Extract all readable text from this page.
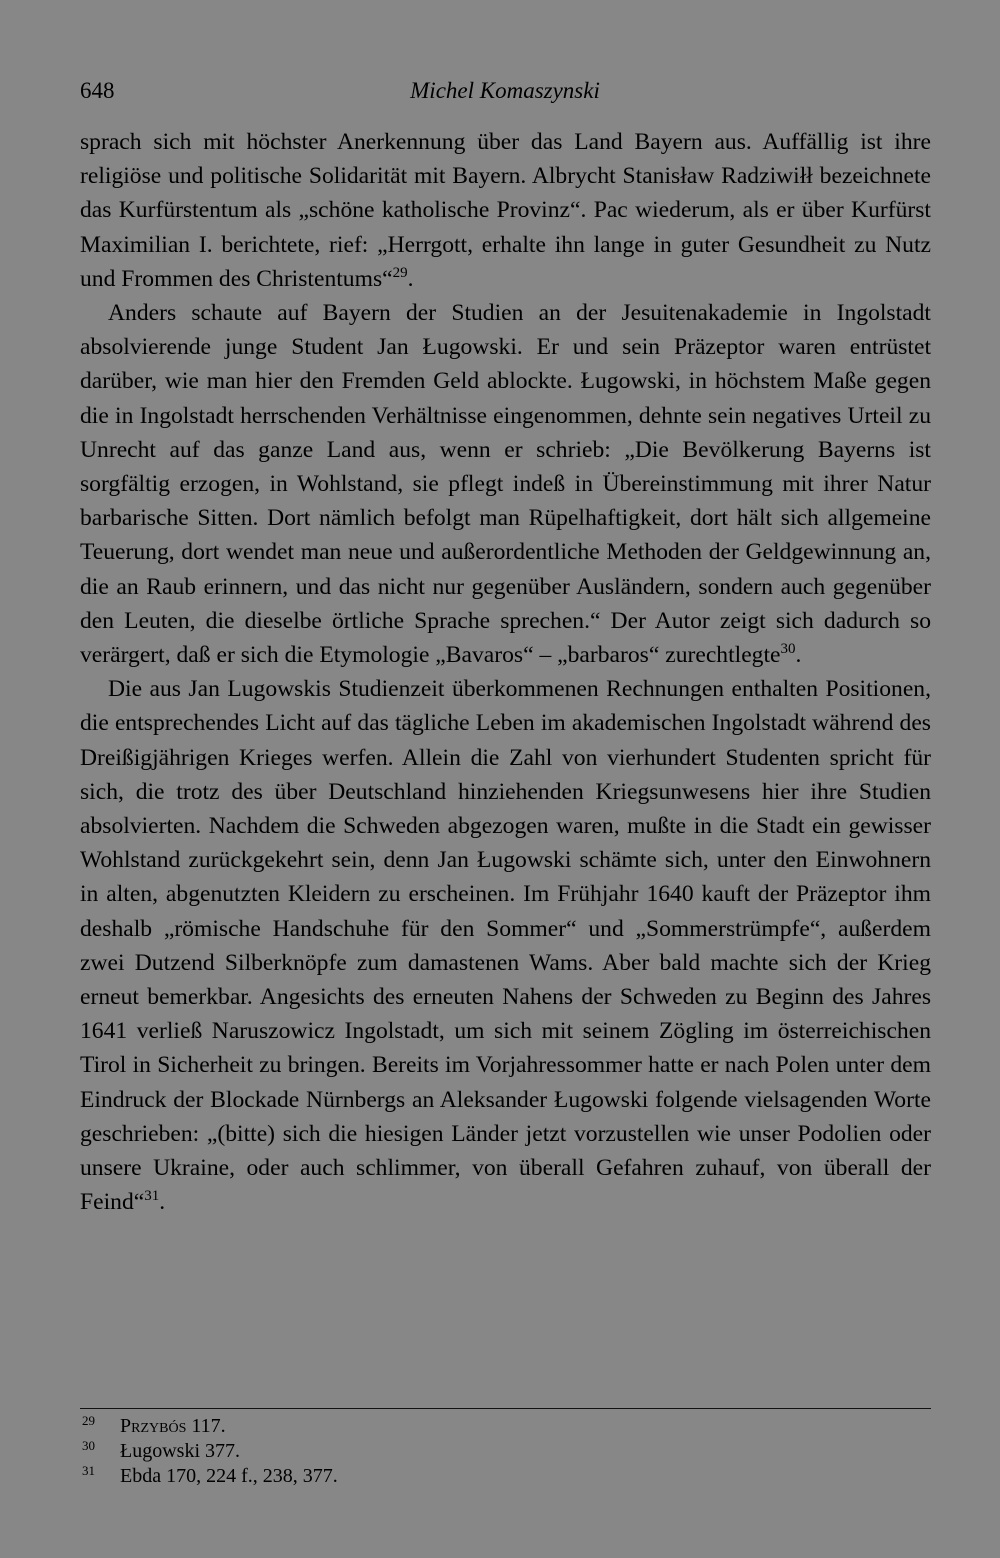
648	Michel Komaszynski

sprach sich mit höchster Anerkennung über das Land Bayern aus. Auffällig ist ihre religiöse und politische Solidarität mit Bayern. Albrycht Stanisław Radziwiłł bezeichnete das Kurfürstentum als „schöne katholische Provinz“. Pac wiederum, als er über Kurfürst Maximilian I. berichtete, rief: „Herrgott, erhalte ihn lange in guter Gesundheit zu Nutz und Frommen des Christentums“$^{29}$.

Anders schaute auf Bayern der Studien an der Jesuitenakademie in Ingolstadt absolvierende junge Student Jan Ługowski. Er und sein Präzeptor waren entrüstet darüber, wie man hier den Fremden Geld ablockte. Ługowski, in höchstem Maße gegen die in Ingolstadt herrschenden Verhältnisse eingenommen, dehnte sein negatives Urteil zu Unrecht auf das ganze Land aus, wenn er schrieb: „Die Bevölkerung Bayerns ist sorgfältig erzogen, in Wohlstand, sie pflegt indeß in Übereinstimmung mit ihrer Natur barbarische Sitten. Dort nämlich befolgt man Rüpelhaftigkeit, dort hält sich allgemeine Teuerung, dort wendet man neue und außerordentliche Methoden der Geldgewinnung an, die an Raub erinnern, und das nicht nur gegenüber Ausländern, sondern auch gegenüber den Leuten, die dieselbe örtliche Sprache sprechen.“ Der Autor zeigt sich dadurch so verärgert, daß er sich die Etymologie „Bavaros“ – „barbaros“ zurechtlegte$^{30}$.

Die aus Jan Lugowskis Studienzeit überkommenen Rechnungen enthalten Positionen, die entsprechendes Licht auf das tägliche Leben im akademischen Ingolstadt während des Dreißigjährigen Krieges werfen. Allein die Zahl von vierhundert Studenten spricht für sich, die trotz des über Deutschland hinziehenden Kriegsunwesens hier ihre Studien absolvierten. Nachdem die Schweden abgezogen waren, mußte in die Stadt ein gewisser Wohlstand zurückgekehrt sein, denn Jan Ługowski schämte sich, unter den Einwohnern in alten, abgenutzten Kleidern zu erscheinen. Im Frühjahr 1640 kauft der Präzeptor ihm deshalb „römische Handschuhe für den Sommer“ und „Sommerstrümpfe“, außerdem zwei Dutzend Silberknöpfe zum damastenen Wams. Aber bald machte sich der Krieg erneut bemerkbar. Angesichts des erneuten Nahens der Schweden zu Beginn des Jahres 1641 verließ Naruszowicz Ingolstadt, um sich mit seinem Zögling im österreichischen Tirol in Sicherheit zu bringen. Bereits im Vorjahressommer hatte er nach Polen unter dem Eindruck der Blockade Nürnbergs an Aleksander Ługowski folgende vielsagenden Worte geschrieben: „(bitte) sich die hiesigen Länder jetzt vorzustellen wie unser Podolien oder unsere Ukraine, oder auch schlimmer, von überall Gefahren zuhauf, von überall der Feind“$^{31}$.

29 Przybós 117.

30 Ługowski 377.

31 Ebda 170, 224 f., 238, 377.
